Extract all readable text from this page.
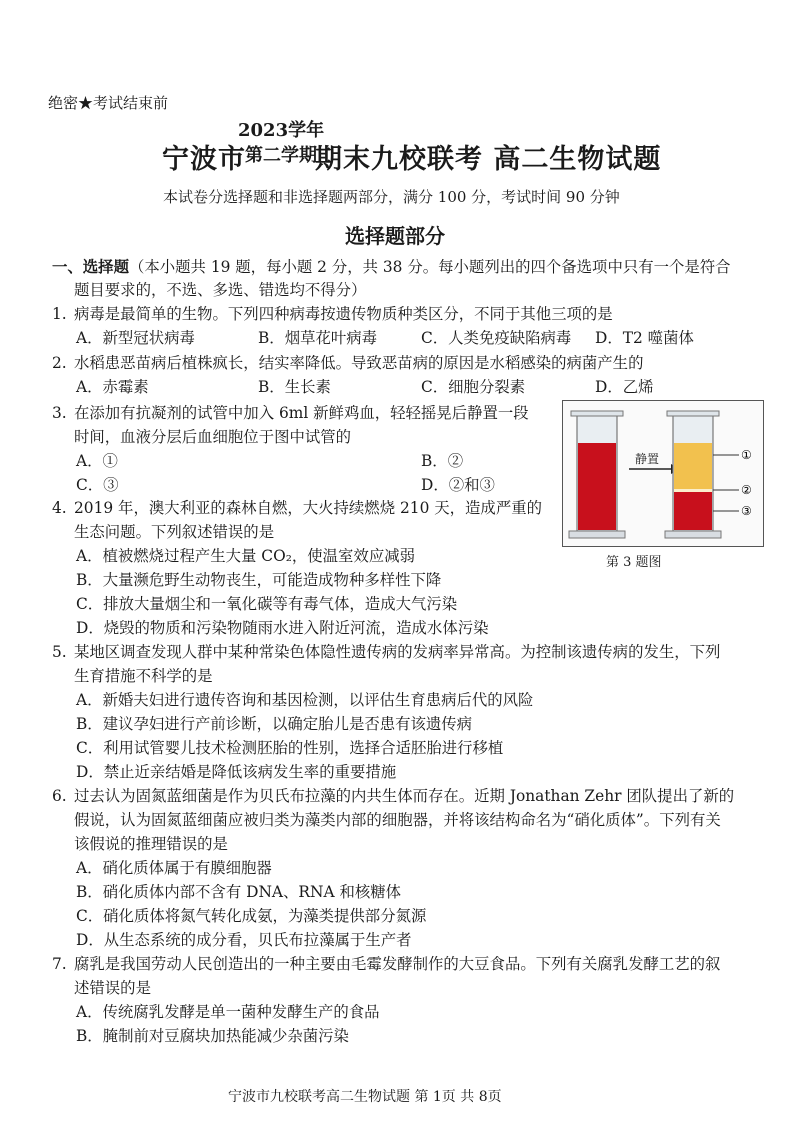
绝密★考试结束前
宁波市
2023学年
第二学期
期末九校联考 高二生物试题
本试卷分选择题和非选择题两部分，满分 100 分，考试时间 90 分钟
选择题部分
一、选择题（本小题共 19 题，每小题 2 分，共 38 分。每小题列出的四个备选项中只有一个是符合
题目要求的，不选、多选、错选均不得分）
1. 病毒是最简单的生物。下列四种病毒按遗传物质种类区分，不同于其他三项的是
A．新型冠状病毒	B．烟草花叶病毒	C．人类免疫缺陷病毒 D．T2 噬菌体
2. 水稻患恶苗病后植株疯长，结实率降低。导致恶苗病的原因是水稻感染的病菌产生的
A．赤霉素	B．生长素	C．细胞分裂素	D．乙烯
3. 在添加有抗凝剂的试管中加入 6ml 新鲜鸡血，轻轻摇晃后静置一段
时间，血液分层后血细胞位于图中试管的
A．①	B．②
C．③	D．②和③
静置	①
②
③
第 3 题图
4. 2019 年，澳大利亚的森林自燃，大火持续燃烧 210 天，造成严重的
生态问题。下列叙述错误的是
A．植被燃烧过程产生大量 CO₂，使温室效应减弱
B．大量濒危野生动物丧生，可能造成物种多样性下降
C．排放大量烟尘和一氧化碳等有毒气体，造成大气污染
D．烧毁的物质和污染物随雨水进入附近河流，造成水体污染
5. 某地区调查发现人群中某种常染色体隐性遗传病的发病率异常高。为控制该遗传病的发生，下列
生育措施不科学的是
A．新婚夫妇进行遗传咨询和基因检测，以评估生育患病后代的风险
B．建议孕妇进行产前诊断，以确定胎儿是否患有该遗传病
C．利用试管婴儿技术检测胚胎的性别，选择合适胚胎进行移植
D．禁止近亲结婚是降低该病发生率的重要措施
6. 过去认为固氮蓝细菌是作为贝氏布拉藻的内共生体而存在。近期 Jonathan Zehr 团队提出了新的
假说，认为固氮蓝细菌应被归类为藻类内部的细胞器，并将该结构命名为“硝化质体”。下列有关
该假说的推理错误的是
A．硝化质体属于有膜细胞器
B．硝化质体内部不含有 DNA、RNA 和核糖体
C．硝化质体将氮气转化成氨，为藻类提供部分氮源
D．从生态系统的成分看，贝氏布拉藻属于生产者
7. 腐乳是我国劳动人民创造出的一种主要由毛霉发酵制作的大豆食品。下列有关腐乳发酵工艺的叙
述错误的是
A．传统腐乳发酵是单一菌种发酵生产的食品
B．腌制前对豆腐块加热能减少杂菌污染
宁波市九校联考高二生物试题 第 1页 共 8页
